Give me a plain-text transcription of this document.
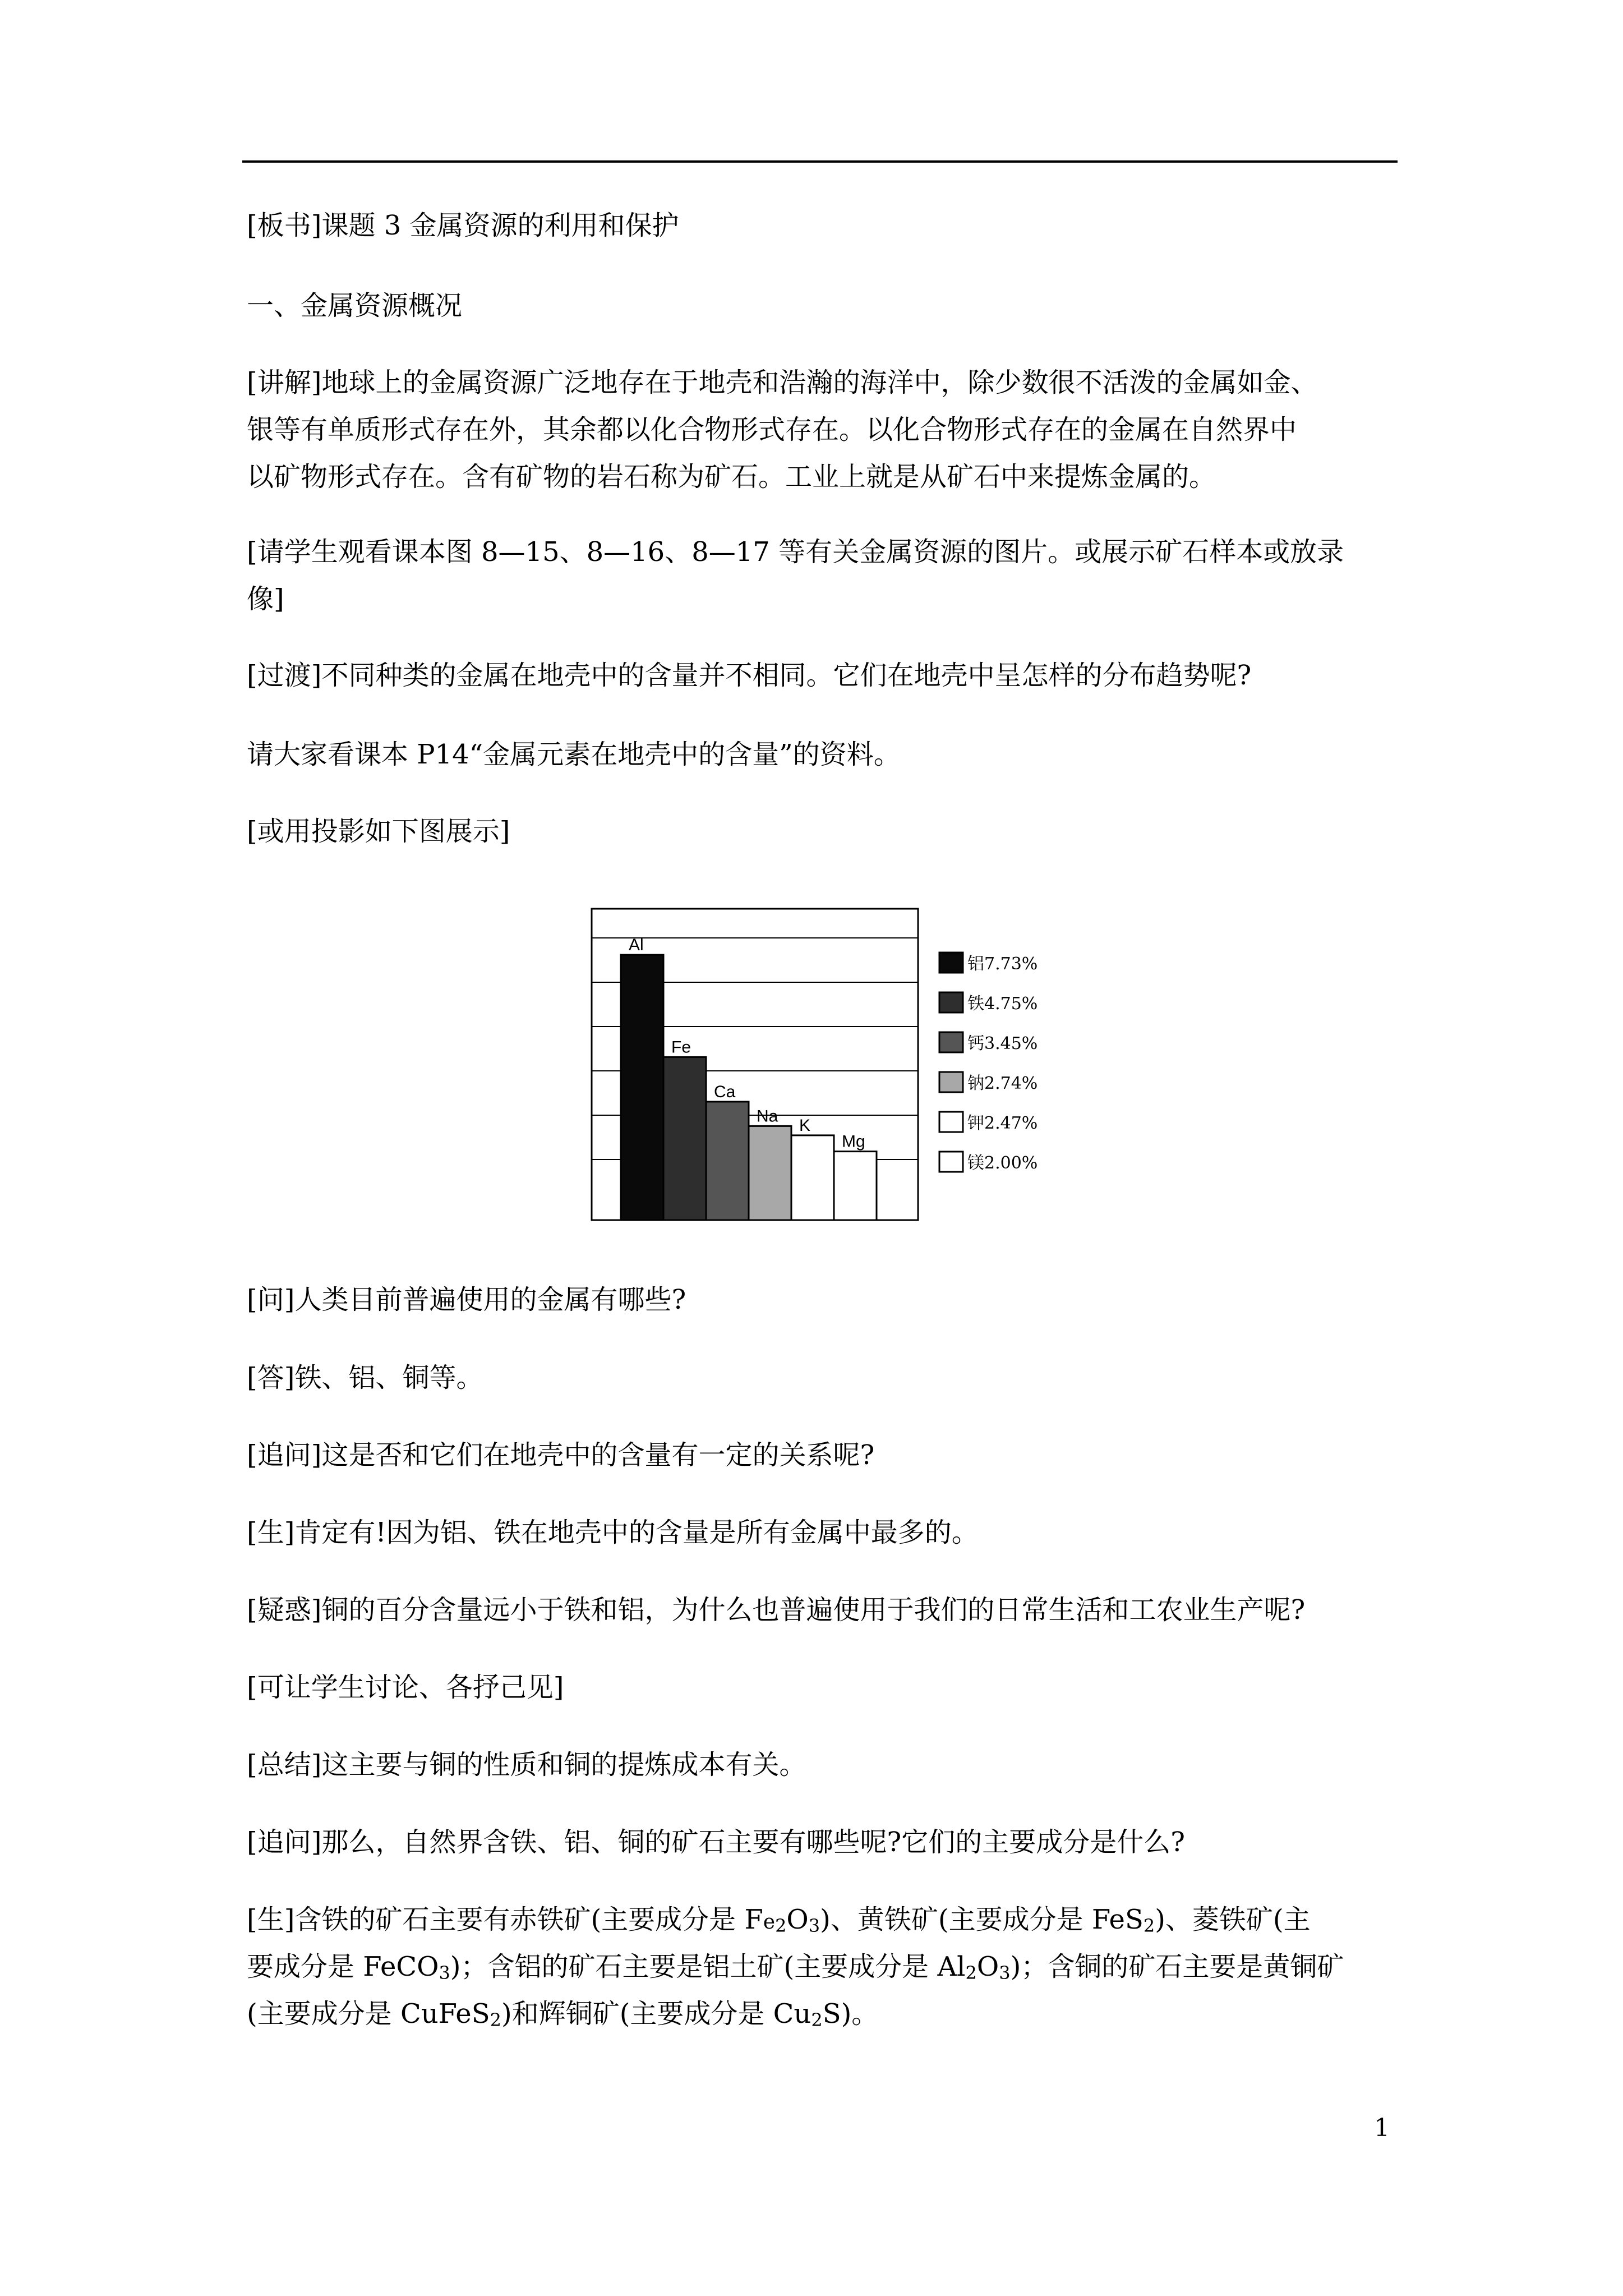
[板书]课题 3 金属资源的利用和保护
一、金属资源概况
[讲解]地球上的金属资源广泛地存在于地壳和浩瀚的海洋中，除少数很不活泼的金属如金、
银等有单质形式存在外，其余都以化合物形式存在。以化合物形式存在的金属在自然界中
以矿物形式存在。含有矿物的岩石称为矿石。工业上就是从矿石中来提炼金属的。
[请学生观看课本图 8—15、8—16、8—17 等有关金属资源的图片。或展示矿石样本或放录
像]
[过渡]不同种类的金属在地壳中的含量并不相同。它们在地壳中呈怎样的分布趋势呢?
请大家看课本 P14“金属元素在地壳中的含量”的资料。
[或用投影如下图展示]
Al
Fe
Ca
Na
K
Mg
铝7.73%
铁4.75%
钙3.45%
钠2.74%
钾2.47%
镁2.00%
[问]人类目前普遍使用的金属有哪些?
[答]铁、铝、铜等。
[追问]这是否和它们在地壳中的含量有一定的关系呢?
[生]肯定有!因为铝、铁在地壳中的含量是所有金属中最多的。
[疑惑]铜的百分含量远小于铁和铝，为什么也普遍使用于我们的日常生活和工农业生产呢?
[可让学生讨论、各抒己见]
[总结]这主要与铜的性质和铜的提炼成本有关。
[追问]那么，自然界含铁、铝、铜的矿石主要有哪些呢?它们的主要成分是什么?
[生]含铁的矿石主要有赤铁矿(主要成分是 $Fe_2O_3$)、黄铁矿(主要成分是 FeS$_2$)、菱铁矿(主
要成分是 FeCO$_3$)；含铝的矿石主要是铝土矿(主要成分是 $Al_2O_3$)；含铜的矿石主要是黄铜矿
(主要成分是 CuFeS$_2$)和辉铜矿(主要成分是 $Cu_2S$)。
1
